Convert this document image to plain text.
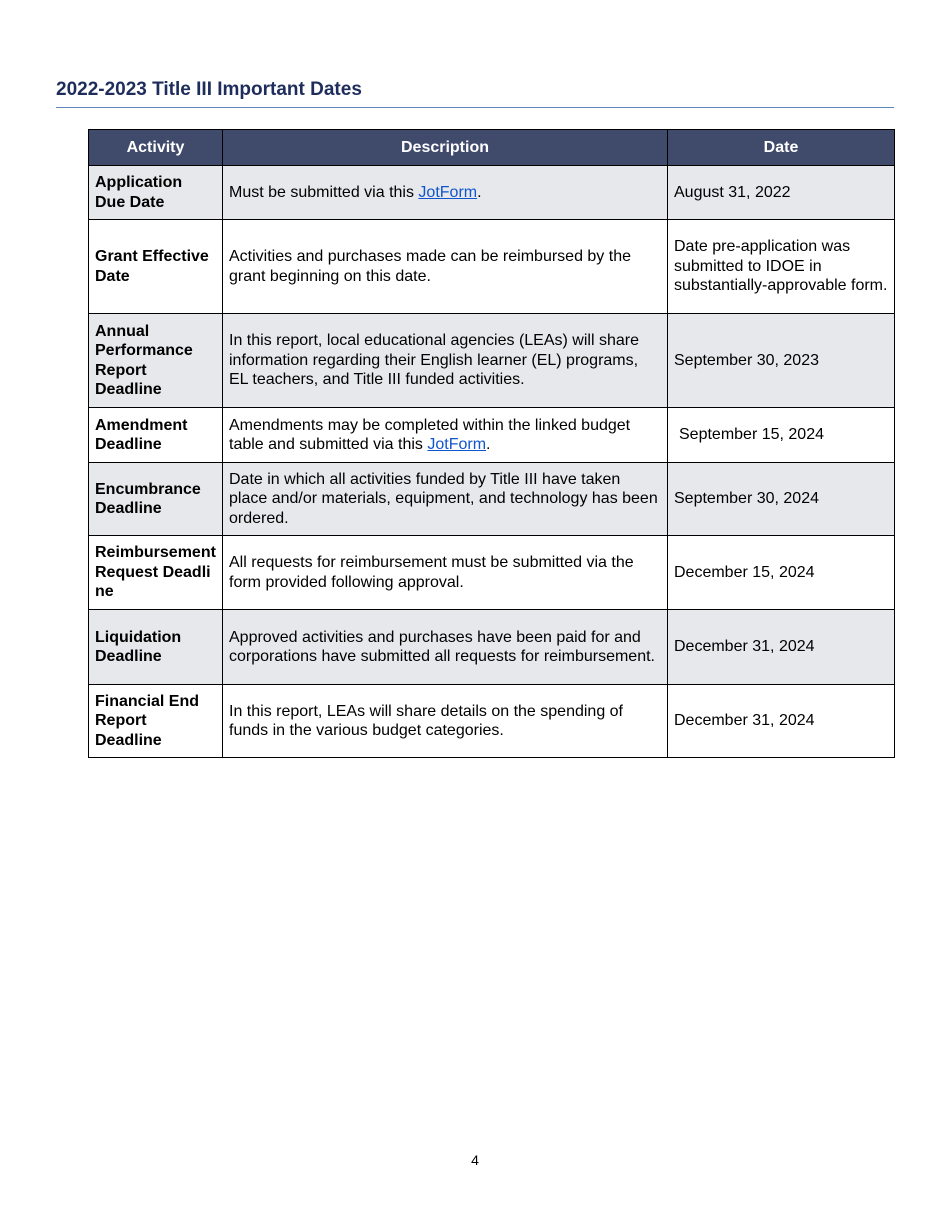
2022-2023 Title III Important Dates
Activity	Description	Date
Application Due Date	Must be submitted via this JotForm.	August 31, 2022
Grant Effective Date	Activities and purchases made can be reimbursed by the grant beginning on this date.	Date pre-application was submitted to IDOE in substantially-approvable form.
Annual Performance Report Deadline	In this report, local educational agencies (LEAs) will share information regarding their English learner (EL) programs, EL teachers, and Title III funded activities.	September 30, 2023
Amendment Deadline	Amendments may be completed within the linked budget table and submitted via this JotForm.	September 15, 2024
Encumbrance Deadline	Date in which all activities funded by Title III have taken place and/or materials, equipment, and technology has been ordered.	September 30, 2024
Reimbursement Request Deadline	All requests for reimbursement must be submitted via the form provided following approval.	December 15, 2024
Liquidation Deadline	Approved activities and purchases have been paid for and corporations have submitted all requests for reimbursement.	December 31, 2024
Financial End Report Deadline	In this report, LEAs will share details on the spending of funds in the various budget categories.	December 31, 2024
4
